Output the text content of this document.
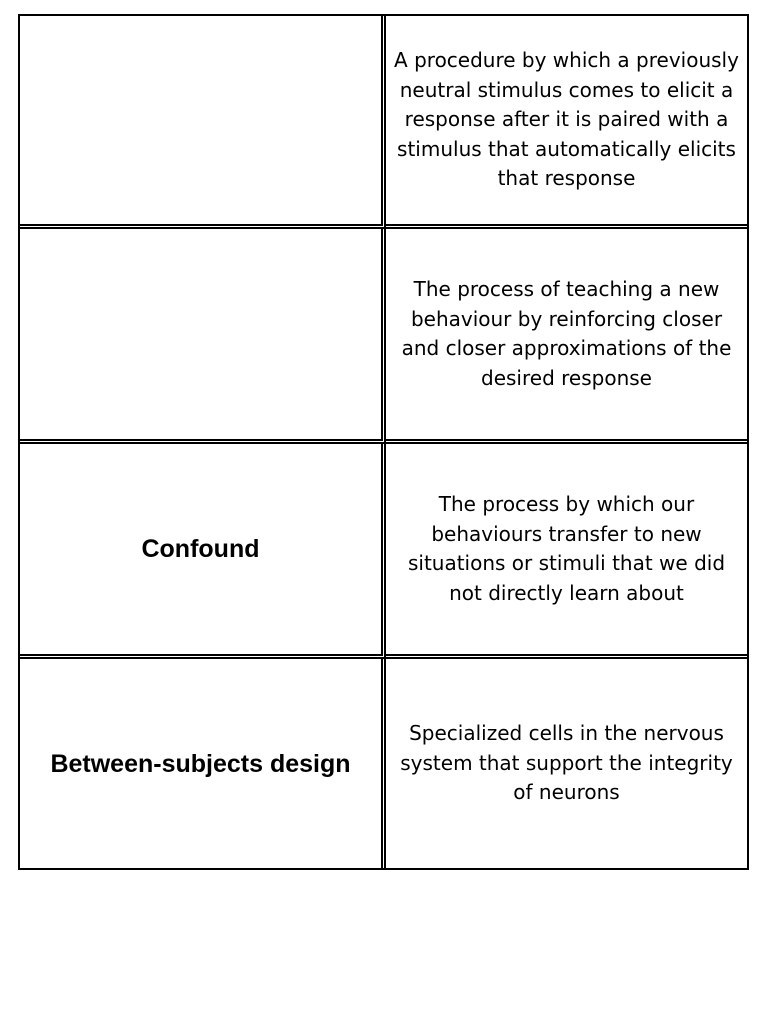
A procedure by which a previously neutral stimulus comes to elicit a response after it is paired with a stimulus that automatically elicits that response
The process of teaching a new behaviour by reinforcing closer and closer approximations of the desired response
Confound
The process by which our behaviours transfer to new situations or stimuli that we did not directly learn about
Between-subjects design
Specialized cells in the nervous system that support the integrity of neurons
